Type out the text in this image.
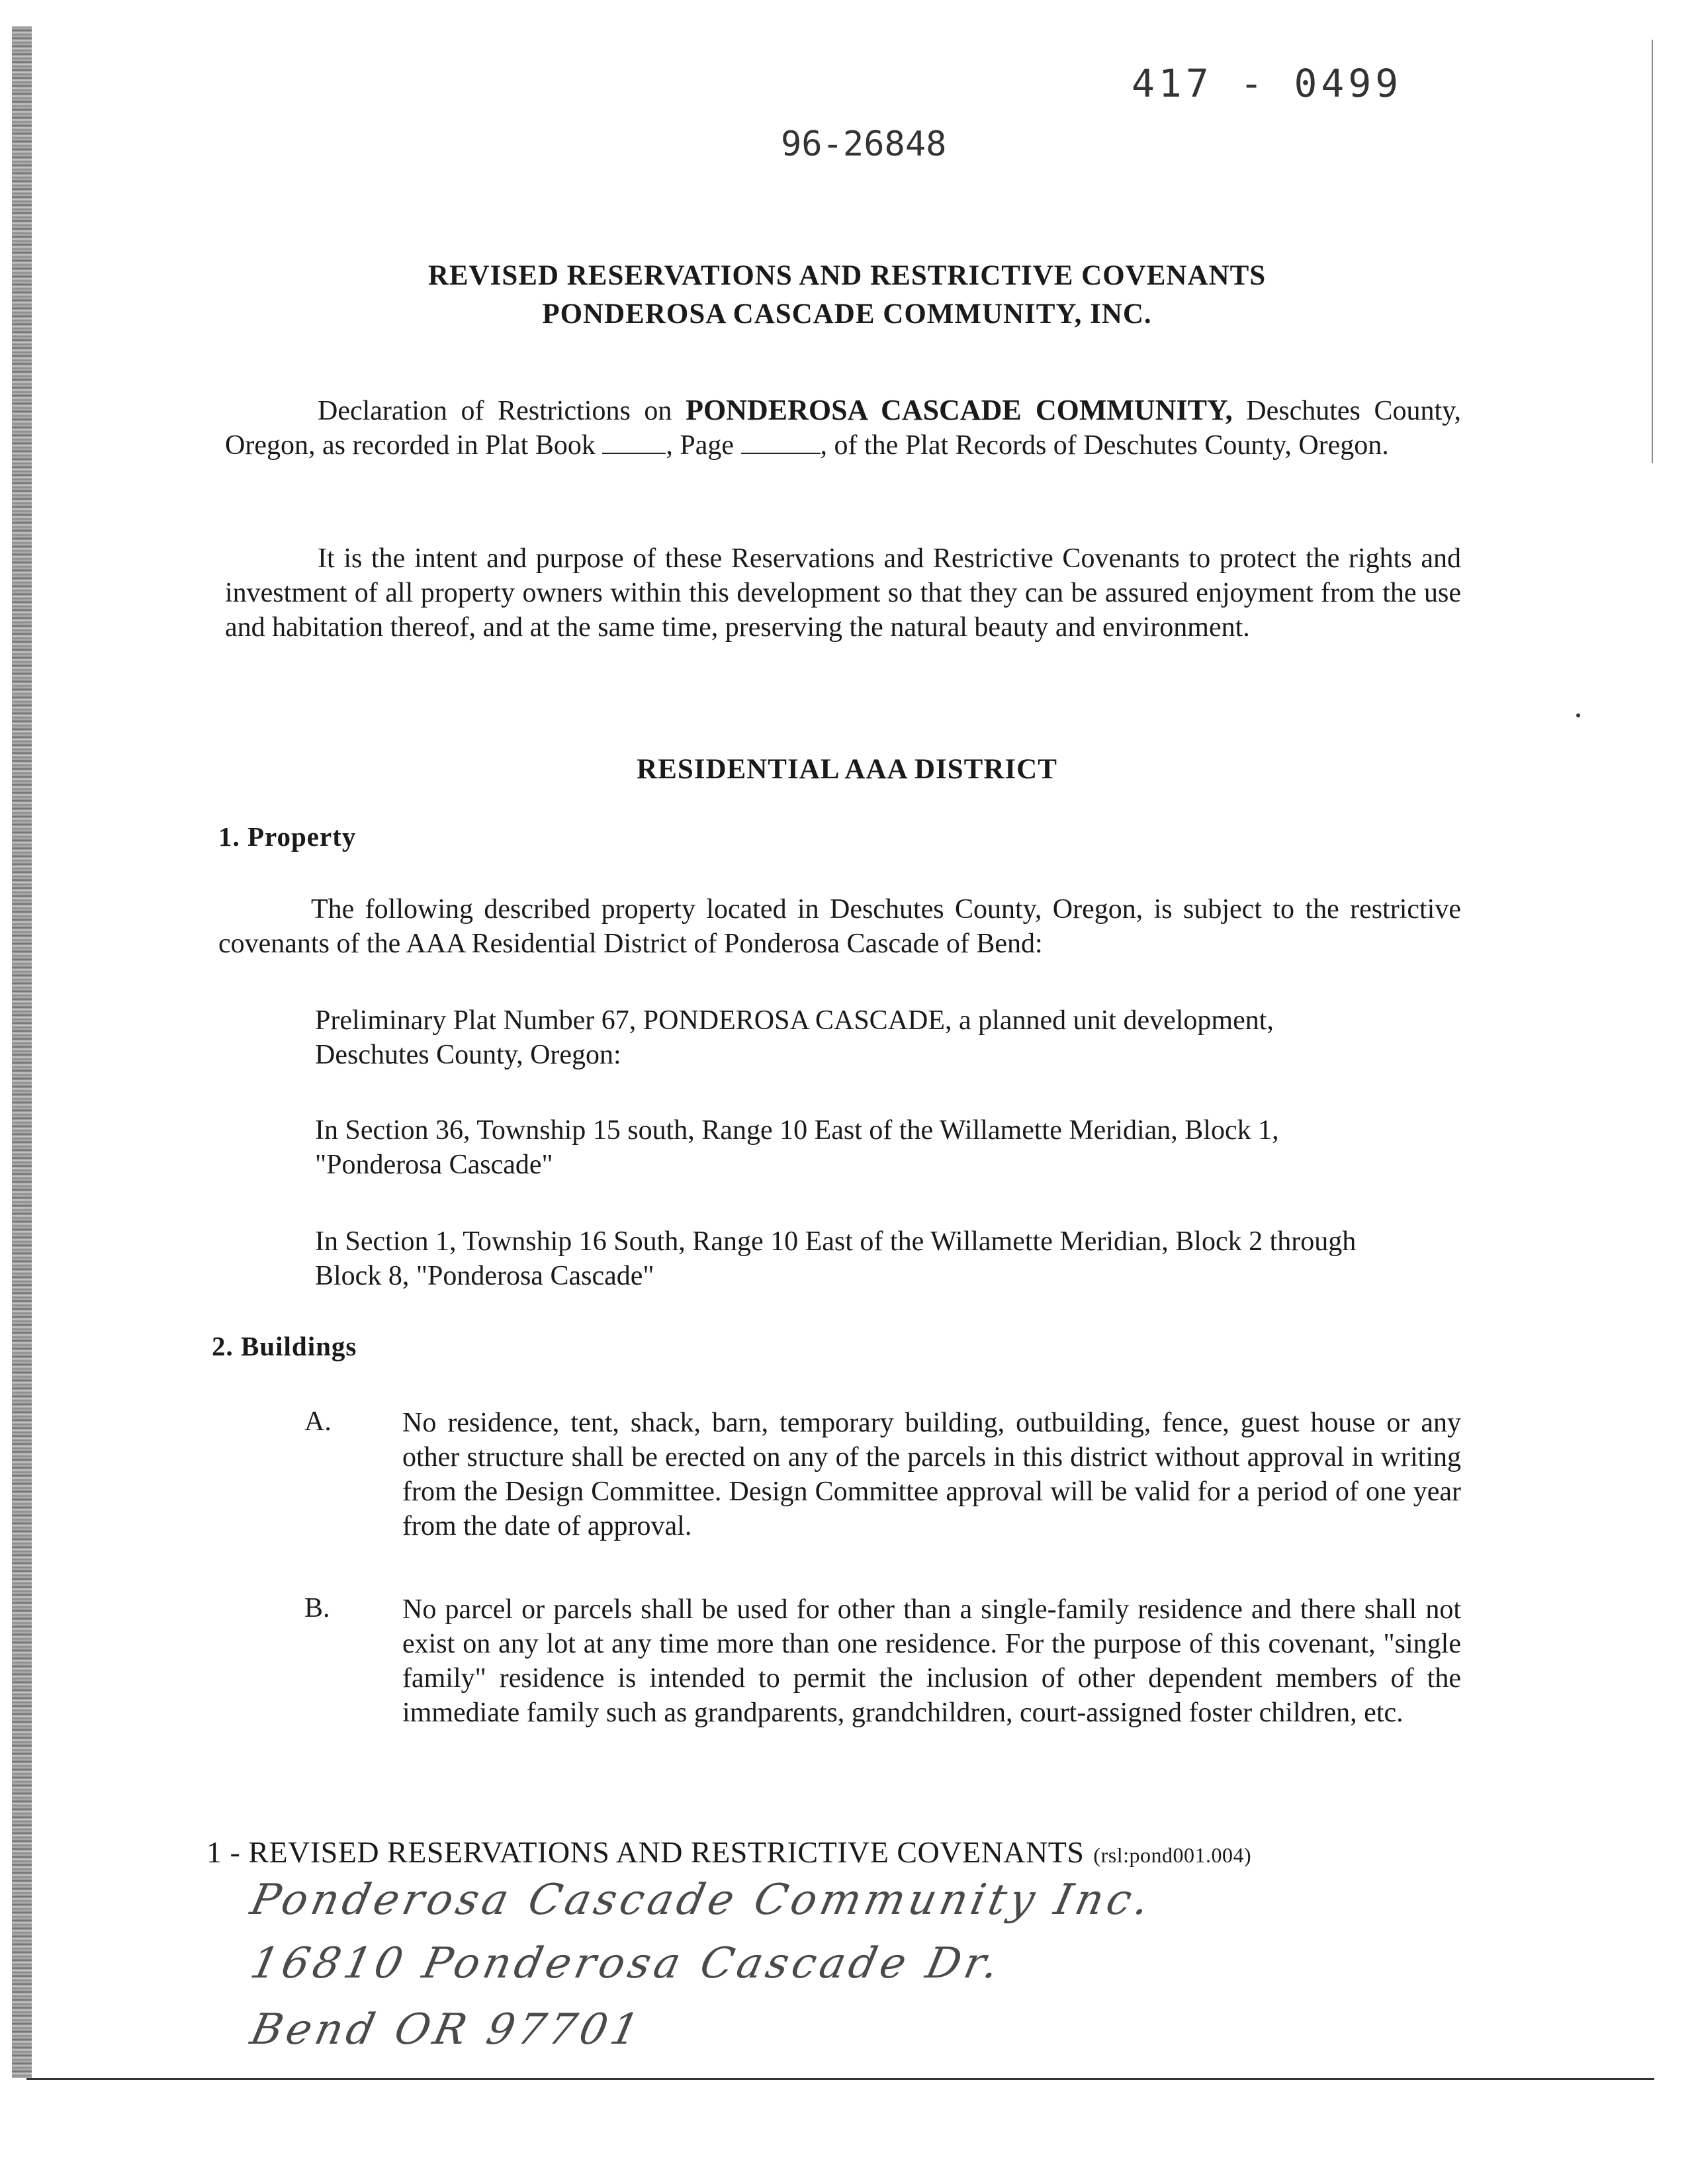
417 - 0499
96-26848
REVISED RESERVATIONS AND RESTRICTIVE COVENANTS
PONDEROSA CASCADE COMMUNITY, INC.
Declaration of Restrictions on PONDEROSA CASCADE COMMUNITY, Deschutes County, Oregon, as recorded in Plat Book , Page	, of the Plat Records of Deschutes County, Oregon.
It is the intent and purpose of these Reservations and Restrictive Covenants to protect the rights and investment of all property owners within this development so that they can be assured enjoyment from the use and habitation thereof, and at the same time, preserving the natural beauty and environment.
RESIDENTIAL AAA DISTRICT
1. Property
The following described property located in Deschutes County, Oregon, is subject to the restrictive covenants of the AAA Residential District of Ponderosa Cascade of Bend:
Preliminary Plat Number 67, PONDEROSA CASCADE, a planned unit development, Deschutes County, Oregon:
In Section 36, Township 15 south, Range 10 East of the Willamette Meridian, Block 1, "Ponderosa Cascade"
In Section 1, Township 16 South, Range 10 East of the Willamette Meridian, Block 2 through Block 8, "Ponderosa Cascade"
2. Buildings
A.	No residence, tent, shack, barn, temporary building, outbuilding, fence, guest house or any other structure shall be erected on any of the parcels in this district without approval in writing from the Design Committee. Design Committee approval will be valid for a period of one year from the date of approval.
B.	No parcel or parcels shall be used for other than a single-family residence and there shall not exist on any lot at any time more than one residence. For the purpose of this covenant, "single family" residence is intended to permit the inclusion of other dependent members of the immediate family such as grandparents, grandchildren, court-assigned foster children, etc.
1 - REVISED RESERVATIONS AND RESTRICTIVE COVENANTS (rsl:pond001.004)
Ponderosa Cascade Community Inc.
16810 Ponderosa Cascade Dr.
Bend OR 97701
